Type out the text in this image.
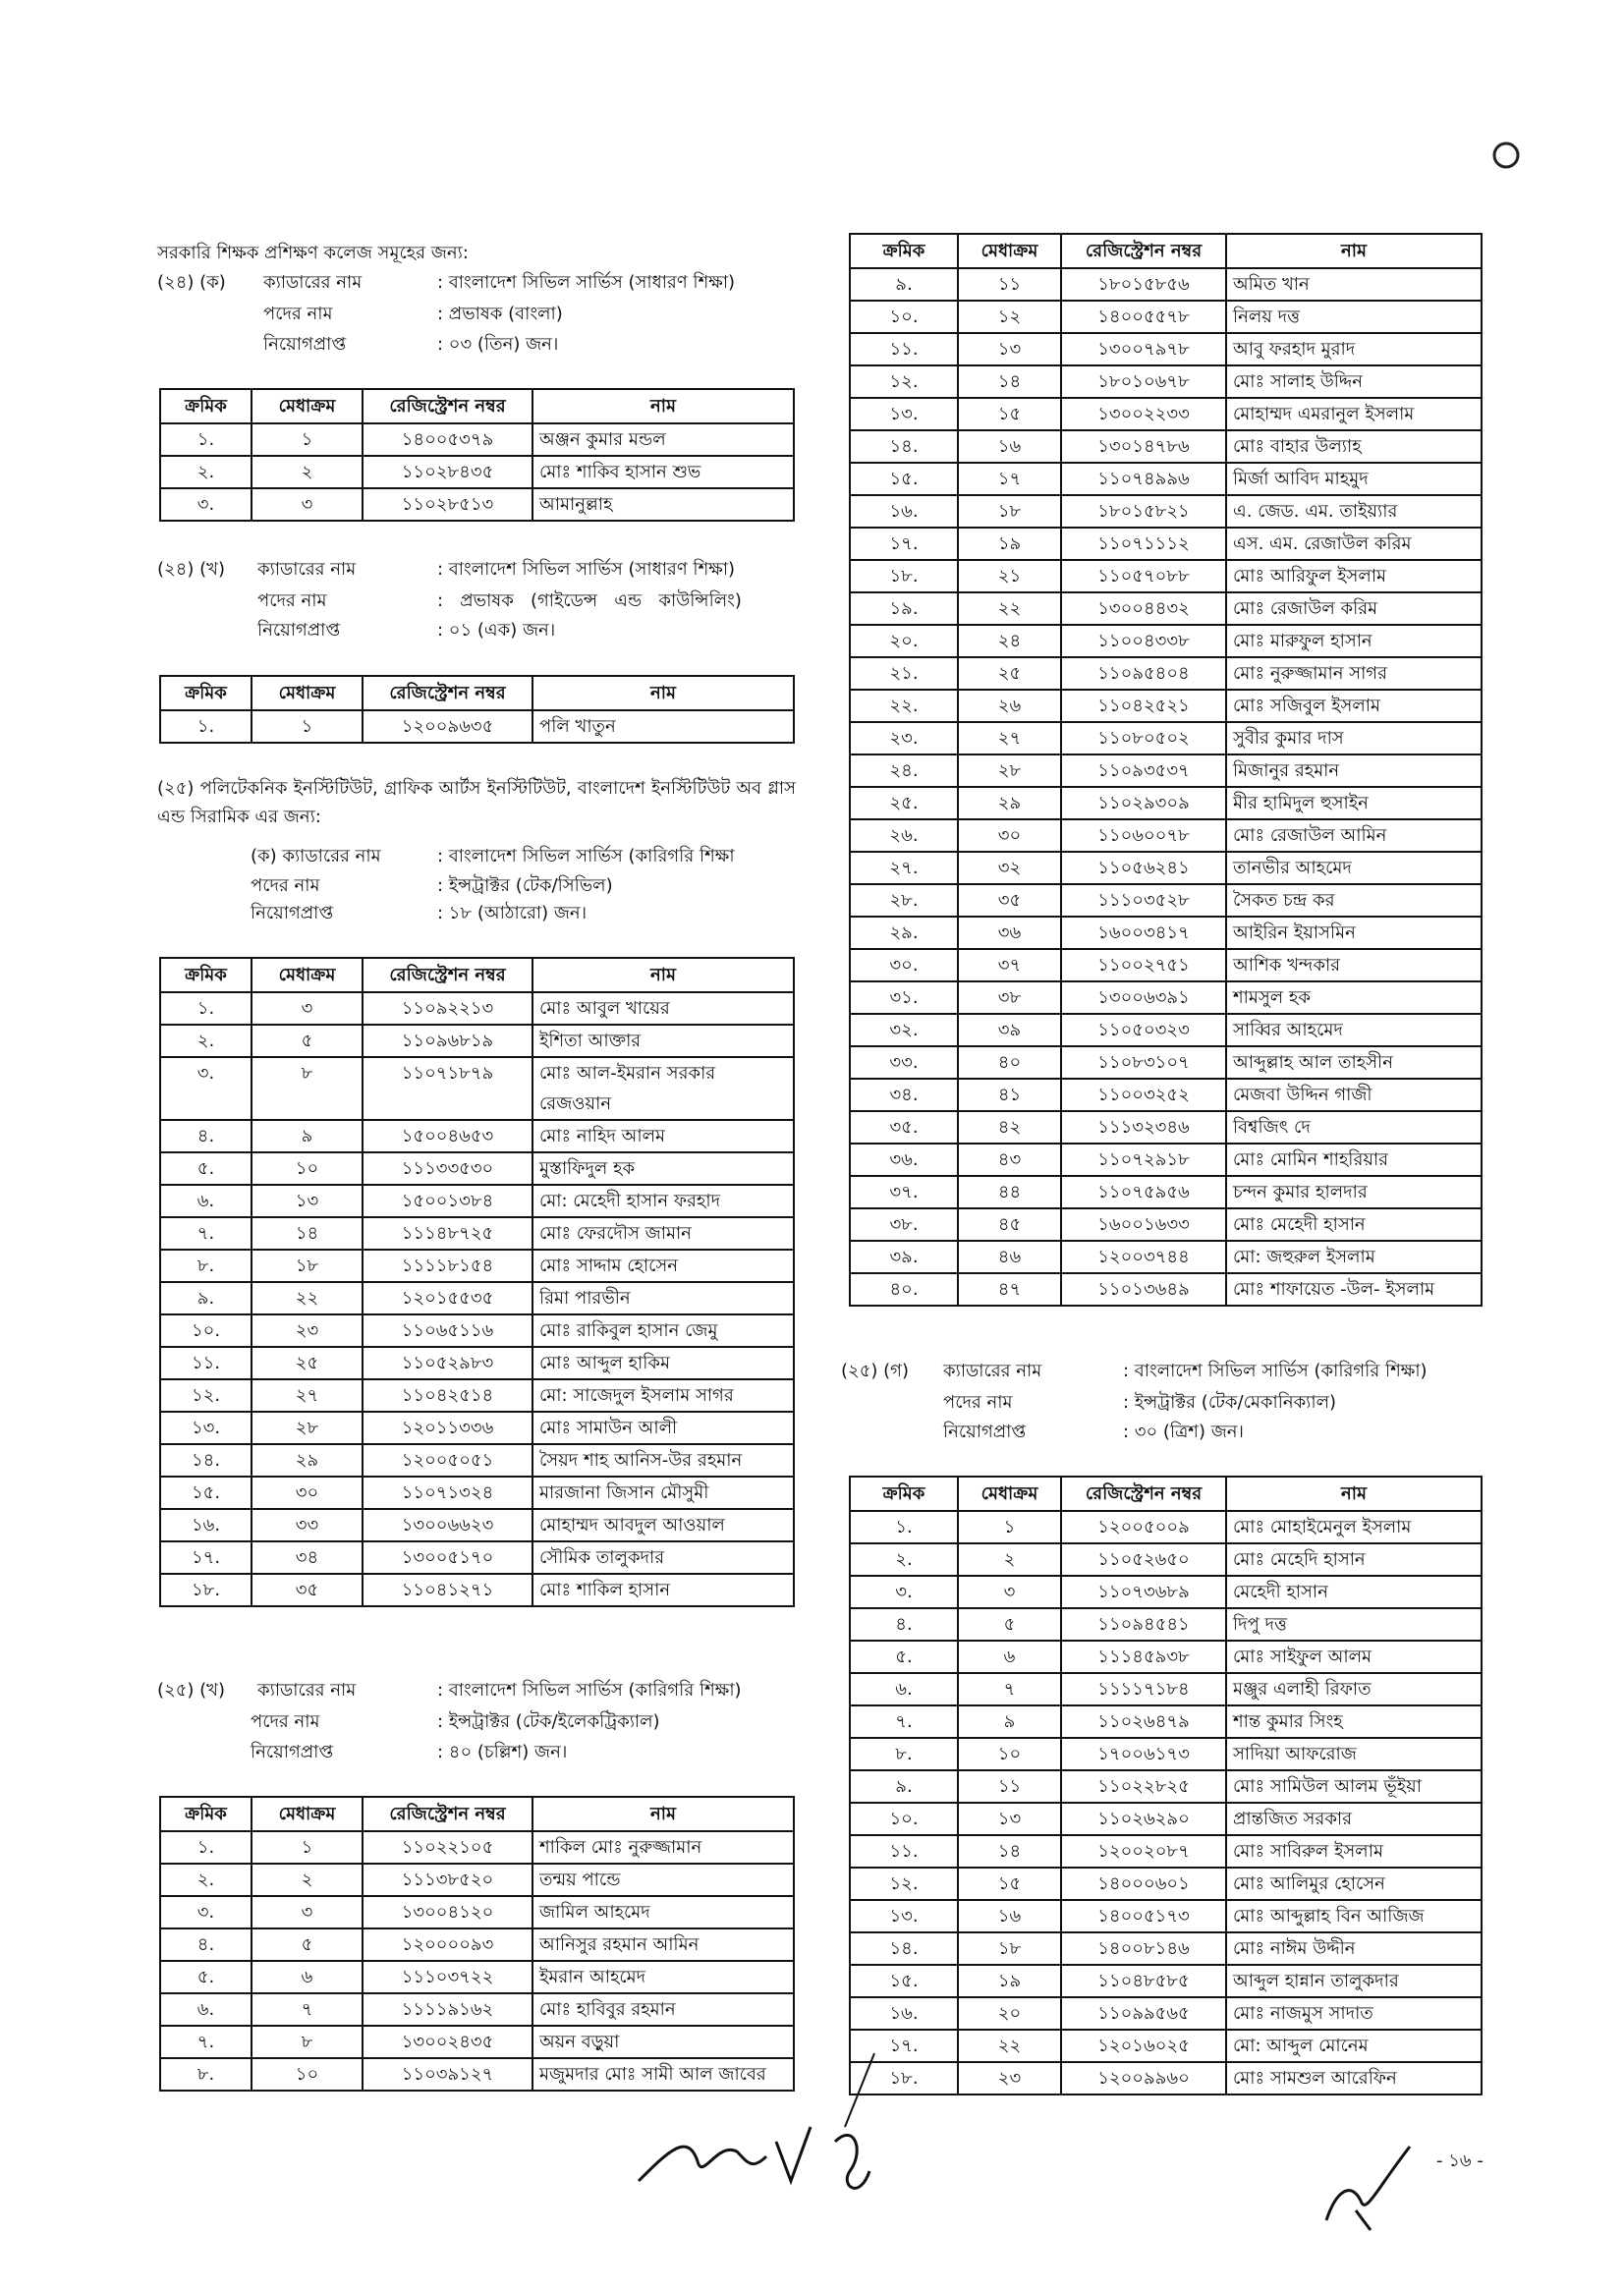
সরকারি শিক্ষক প্রশিক্ষণ কলেজ সমূহের জন্য:
(২৪) (ক) ক্যাডারের নাম	: বাংলাদেশ সিভিল সার্ভিস (সাধারণ শিক্ষা)
পদের নাম	: প্রভাষক (বাংলা)
নিয়োগপ্রাপ্ত	: ০৩ (তিন) জন।
ক্রমিক	মেধাক্রম	রেজিস্ট্রেশন নম্বর	নাম
১.	১	১৪০০৫৩৭৯	অঞ্জন কুমার মন্ডল
২.	২	১১০২৮৪৩৫	মোঃ শাকিব হাসান শুভ
৩.	৩	১১০২৮৫১৩	আমানুল্লাহ
(২৪) (খ) ক্যাডারের নাম	: বাংলাদেশ সিভিল সার্ভিস (সাধারণ শিক্ষা)
পদের নাম	:   প্রভাষক   (গাইডেন্স   এন্ড   কাউন্সিলিং)
নিয়োগপ্রাপ্ত	: ০১ (এক) জন।
ক্রমিক	মেধাক্রম	রেজিস্ট্রেশন নম্বর	নাম
১.	১	১২০০৯৬৩৫	পলি খাতুন
(২৫) পলিটেকনিক ইনস্টিটিউট, গ্রাফিক আর্টস ইনস্টিটিউট, বাংলাদেশ ইনস্টিটিউট অব গ্লাস এন্ড সিরামিক এর জন্য:
(ক) ক্যাডারের নাম	: বাংলাদেশ সিভিল সার্ভিস (কারিগরি শিক্ষা
পদের নাম	: ইন্সট্রাক্টর (টেক/সিভিল)
নিয়োগপ্রাপ্ত	: ১৮ (আঠারো) জন।
ক্রমিক	মেধাক্রম	রেজিস্ট্রেশন নম্বর	নাম
১.	৩	১১০৯২২১৩	মোঃ আবুল খায়ের
২.	৫	১১০৯৬৮১৯	ইশিতা আক্তার
৩.	৮	১১০৭১৮৭৯	মোঃ আল-ইমরান সরকার রেজওয়ান
৪.	৯	১৫০০৪৬৫৩	মোঃ নাহিদ আলম
৫.	১০	১১১৩৩৫৩০	মুস্তাফিদুল হক
৬.	১৩	১৫০০১৩৮৪	মো: মেহেদী হাসান ফরহাদ
৭.	১৪	১১১৪৮৭২৫	মোঃ ফেরদৌস জামান
৮.	১৮	১১১১৮১৫৪	মোঃ সাদ্দাম হোসেন
৯.	২২	১২০১৫৫৩৫	রিমা পারভীন
১০.	২৩	১১০৬৫১১৬	মোঃ রাকিবুল হাসান জেমু
১১.	২৫	১১০৫২৯৮৩	মোঃ আব্দুল হাকিম
১২.	২৭	১১০৪২৫১৪	মো: সাজেদুল ইসলাম সাগর
১৩.	২৮	১২০১১৩৩৬	মোঃ সামাউন আলী
১৪.	২৯	১২০০৫০৫১	সৈয়দ শাহ আনিস-উর রহমান
১৫.	৩০	১১০৭১৩২৪	মারজানা জিসান মৌসুমী
১৬.	৩৩	১৩০০৬৬২৩	মোহাম্মদ আবদুল আওয়াল
১৭.	৩৪	১৩০০৫১৭০	সৌমিক তালুকদার
১৮.	৩৫	১১০৪১২৭১	মোঃ শাকিল হাসান
(২৫) (খ) ক্যাডারের নাম	: বাংলাদেশ সিভিল সার্ভিস (কারিগরি শিক্ষা)
পদের নাম	: ইন্সট্রাক্টর (টেক/ইলেকট্রিক্যাল)
নিয়োগপ্রাপ্ত	: ৪০ (চল্লিশ) জন।
ক্রমিক	মেধাক্রম	রেজিস্ট্রেশন নম্বর	নাম
১.	১	১১০২২১০৫	শাকিল মোঃ নুরুজ্জামান
২.	২	১১১৩৮৫২০	তন্ময় পান্ডে
৩.	৩	১৩০০৪১২০	জামিল আহমেদ
৪.	৫	১২০০০০৯৩	আনিসুর রহমান আমিন
৫.	৬	১১১০৩৭২২	ইমরান আহমেদ
৬.	৭	১১১১৯১৬২	মোঃ হাবিবুর রহমান
৭.	৮	১৩০০২৪৩৫	অয়ন বড়ুয়া
৮.	১০	১১০৩৯১২৭	মজুমদার মোঃ সামী আল জাবের
ক্রমিক	মেধাক্রম	রেজিস্ট্রেশন নম্বর	নাম
৯.	১১	১৮০১৫৮৫৬	অমিত খান
১০.	১২	১৪০০৫৫৭৮	নিলয় দত্ত
১১.	১৩	১৩০০৭৯৭৮	আবু ফরহাদ মুরাদ
১২.	১৪	১৮০১০৬৭৮	মোঃ সালাহ উদ্দিন
১৩.	১৫	১৩০০২২৩৩	মোহাম্মদ এমরানুল ইসলাম
১৪.	১৬	১৩০১৪৭৮৬	মোঃ বাহার উল্যাহ
১৫.	১৭	১১০৭৪৯৯৬	মির্জা আবিদ মাহমুদ
১৬.	১৮	১৮০১৫৮২১	এ. জেড. এম. তাইয়্যার
১৭.	১৯	১১০৭১১১২	এস. এম. রেজাউল করিম
১৮.	২১	১১০৫৭০৮৮	মোঃ আরিফুল ইসলাম
১৯.	২২	১৩০০৪৪৩২	মোঃ রেজাউল করিম
২০.	২৪	১১০০৪৩৩৮	মোঃ মারুফুল হাসান
২১.	২৫	১১০৯৫৪০৪	মোঃ নুরুজ্জামান সাগর
২২.	২৬	১১০৪২৫২১	মোঃ সজিবুল ইসলাম
২৩.	২৭	১১০৮০৫০২	সুবীর কুমার দাস
২৪.	২৮	১১০৯৩৫৩৭	মিজানুর রহমান
২৫.	২৯	১১০২৯৩০৯	মীর হামিদুল হুসাইন
২৬.	৩০	১১০৬০০৭৮	মোঃ রেজাউল আমিন
২৭.	৩২	১১০৫৬২৪১	তানভীর আহমেদ
২৮.	৩৫	১১১০৩৫২৮	সৈকত চন্দ্র কর
২৯.	৩৬	১৬০০৩৪১৭	আইরিন ইয়াসমিন
৩০.	৩৭	১১০০২৭৫১	আশিক খন্দকার
৩১.	৩৮	১৩০০৬৩৯১	শামসুল হক
৩২.	৩৯	১১০৫০৩২৩	সাব্বির আহমেদ
৩৩.	৪০	১১০৮৩১০৭	আব্দুল্লাহ আল তাহসীন
৩৪.	৪১	১১০০৩২৫২	মেজবা উদ্দিন গাজী
৩৫.	৪২	১১১৩২৩৪৬	বিশ্বজিৎ দে
৩৬.	৪৩	১১০৭২৯১৮	মোঃ মোমিন শাহরিয়ার
৩৭.	৪৪	১১০৭৫৯৫৬	চন্দন কুমার হালদার
৩৮.	৪৫	১৬০০১৬৩৩	মোঃ মেহেদী হাসান
৩৯.	৪৬	১২০০৩৭৪৪	মো: জহুরুল ইসলাম
৪০.	৪৭	১১০১৩৬৪৯	মোঃ শাফায়েত -উল- ইসলাম
(২৫) (গ) ক্যাডারের নাম	: বাংলাদেশ সিভিল সার্ভিস (কারিগরি শিক্ষা)
পদের নাম	: ইন্সট্রাক্টর (টেক/মেকানিক্যাল)
নিয়োগপ্রাপ্ত	: ৩০ (ত্রিশ) জন।
ক্রমিক	মেধাক্রম	রেজিস্ট্রেশন নম্বর	নাম
১.	১	১২০০৫০০৯	মোঃ মোহাইমেনুল ইসলাম
২.	২	১১০৫২৬৫০	মোঃ মেহেদি হাসান
৩.	৩	১১০৭৩৬৮৯	মেহেদী হাসান
৪.	৫	১১০৯৪৫৪১	দিপু দত্ত
৫.	৬	১১১৪৫৯৩৮	মোঃ সাইফুল আলম
৬.	৭	১১১১৭১৮৪	মঞ্জুর এলাহী রিফাত
৭.	৯	১১০২৬৪৭৯	শান্ত কুমার সিংহ
৮.	১০	১৭০০৬১৭৩	সাদিয়া আফরোজ
৯.	১১	১১০২২৮২৫	মোঃ সামিউল আলম ভূঁইয়া
১০.	১৩	১১০২৬২৯০	প্রান্তজিত সরকার
১১.	১৪	১২০০২০৮৭	মোঃ সাবিরুল ইসলাম
১২.	১৫	১৪০০০৬০১	মোঃ আলিমুর হোসেন
১৩.	১৬	১৪০০৫১৭৩	মোঃ আব্দুল্লাহ বিন আজিজ
১৪.	১৮	১৪০০৮১৪৬	মোঃ নাঈম উদ্দীন
১৫.	১৯	১১০৪৮৫৮৫	আব্দুল হান্নান তালুকদার
১৬.	২০	১১০৯৯৫৬৫	মোঃ নাজমুস সাদাত
১৭.	২২	১২০১৬০২৫	মো: আব্দুল মোনেম
১৮.	২৩	১২০০৯৯৬০	মোঃ সামশুল আরেফিন
- ১৬ -
